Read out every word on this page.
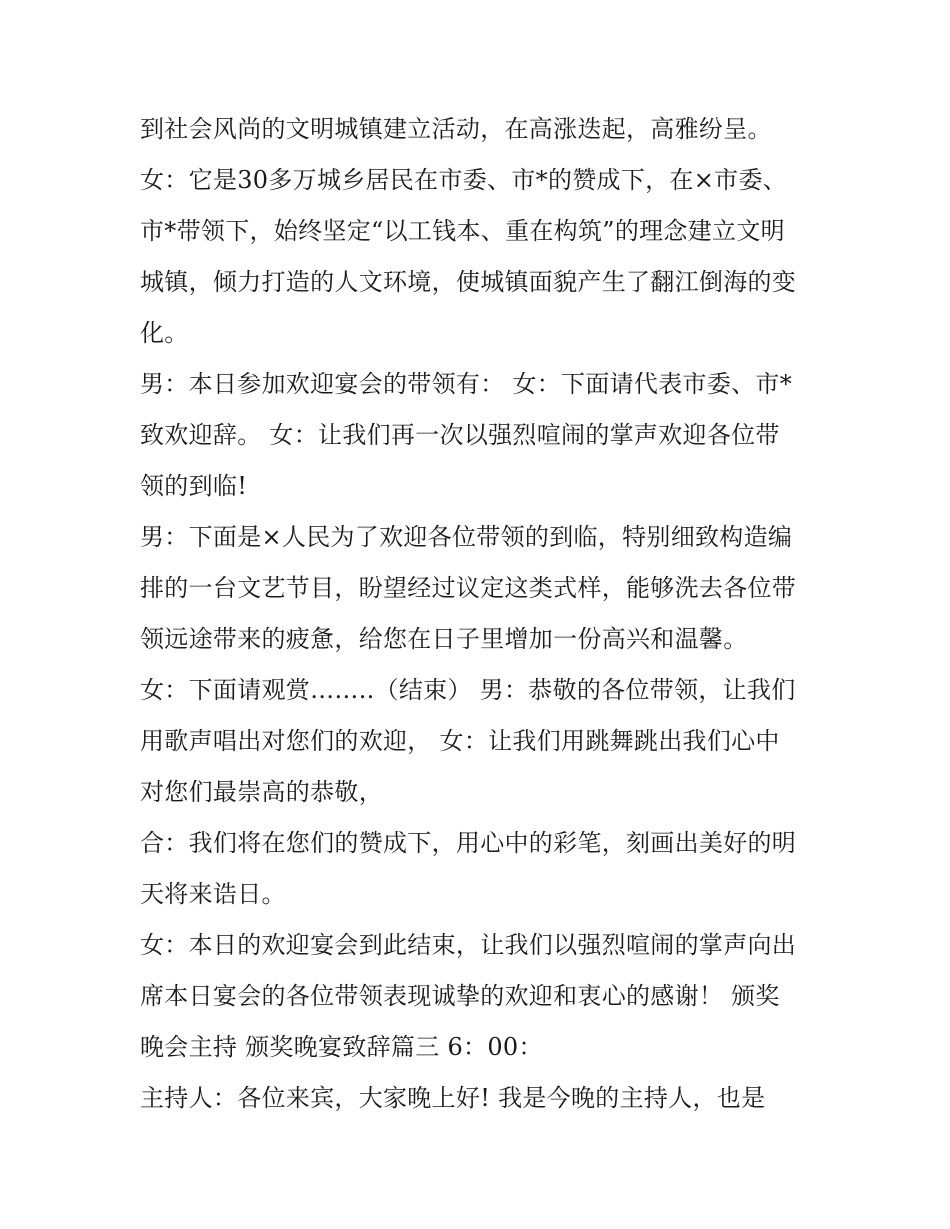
到社会风尚的文明城镇建立活动，在高涨迭起，高雅纷呈。

女：它是30多万城乡居民在市委、市*的赞成下，在×市委、

市*带领下，始终坚定“以工钱本、重在构筑”的理念建立文明

城镇，倾力打造的人文环境，使城镇面貌产生了翻江倒海的变

化。

男：本日参加欢迎宴会的带领有： 女：下面请代表市委、市*

致欢迎辞。 女：让我们再一次以强烈喧闹的掌声欢迎各位带

领的到临!

男：下面是×人民为了欢迎各位带领的到临，特别细致构造编

排的一台文艺节目，盼望经过议定这类式样，能够洗去各位带

领远途带来的疲惫，给您在日子里增加一份高兴和温馨。

女：下面请观赏……..（结束） 男：恭敬的各位带领，让我们

用歌声唱出对您们的欢迎， 女：让我们用跳舞跳出我们心中

对您们最崇高的恭敬，

合：我们将在您们的赞成下，用心中的彩笔，刻画出美好的明

天将来诰日。

女：本日的欢迎宴会到此结束，让我们以强烈喧闹的掌声向出

席本日宴会的各位带领表现诚挚的欢迎和衷心的感谢！ 颁奖

晚会主持 颁奖晚宴致辞篇三 6：00：

主持人：各位来宾，大家晚上好! 我是今晚的主持人，也是
